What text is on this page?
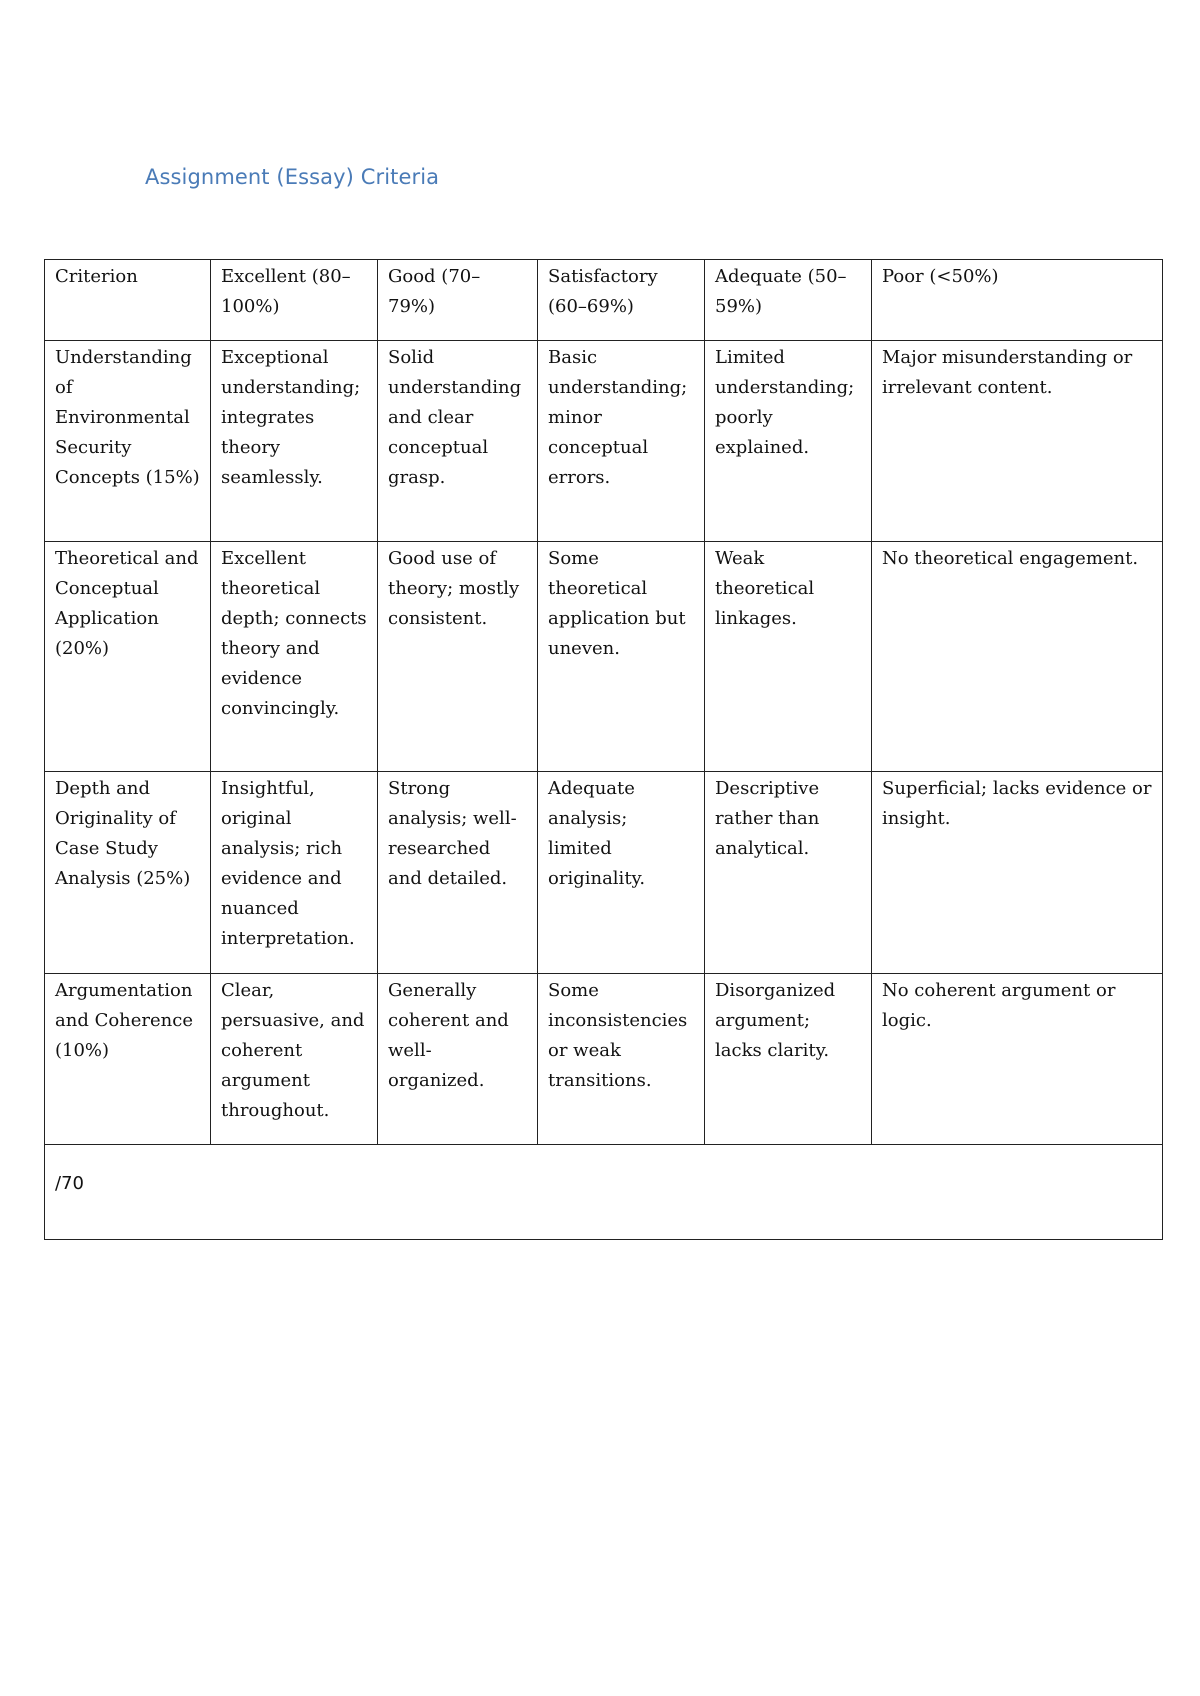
Assignment (Essay) Criteria
Criterion	Excellent (80–100%)	Good (70–79%)	Satisfactory (60–69%)	Adequate (50–59%)	Poor (<50%)
Understanding of Environmental Security Concepts (15%)	Exceptional understanding; integrates theory seamlessly.	Solid understanding and clear conceptual grasp.	Basic understanding; minor conceptual errors.	Limited understanding; poorly explained.	Major misunderstanding or irrelevant content.
Theoretical and Conceptual Application (20%)	Excellent theoretical depth; connects theory and evidence convincingly.	Good use of theory; mostly consistent.	Some theoretical application but uneven.	Weak theoretical linkages.	No theoretical engagement.
Depth and Originality of Case Study Analysis (25%)	Insightful, original analysis; rich evidence and nuanced interpretation.	Strong analysis; well-researched and detailed.	Adequate analysis; limited originality.	Descriptive rather than analytical.	Superficial; lacks evidence or insight.
Argumentation and Coherence (10%)	Clear, persuasive, and coherent argument throughout.	Generally coherent and well-organized.	Some inconsistencies or weak transitions.	Disorganized argument; lacks clarity.	No coherent argument or logic.
/70					
